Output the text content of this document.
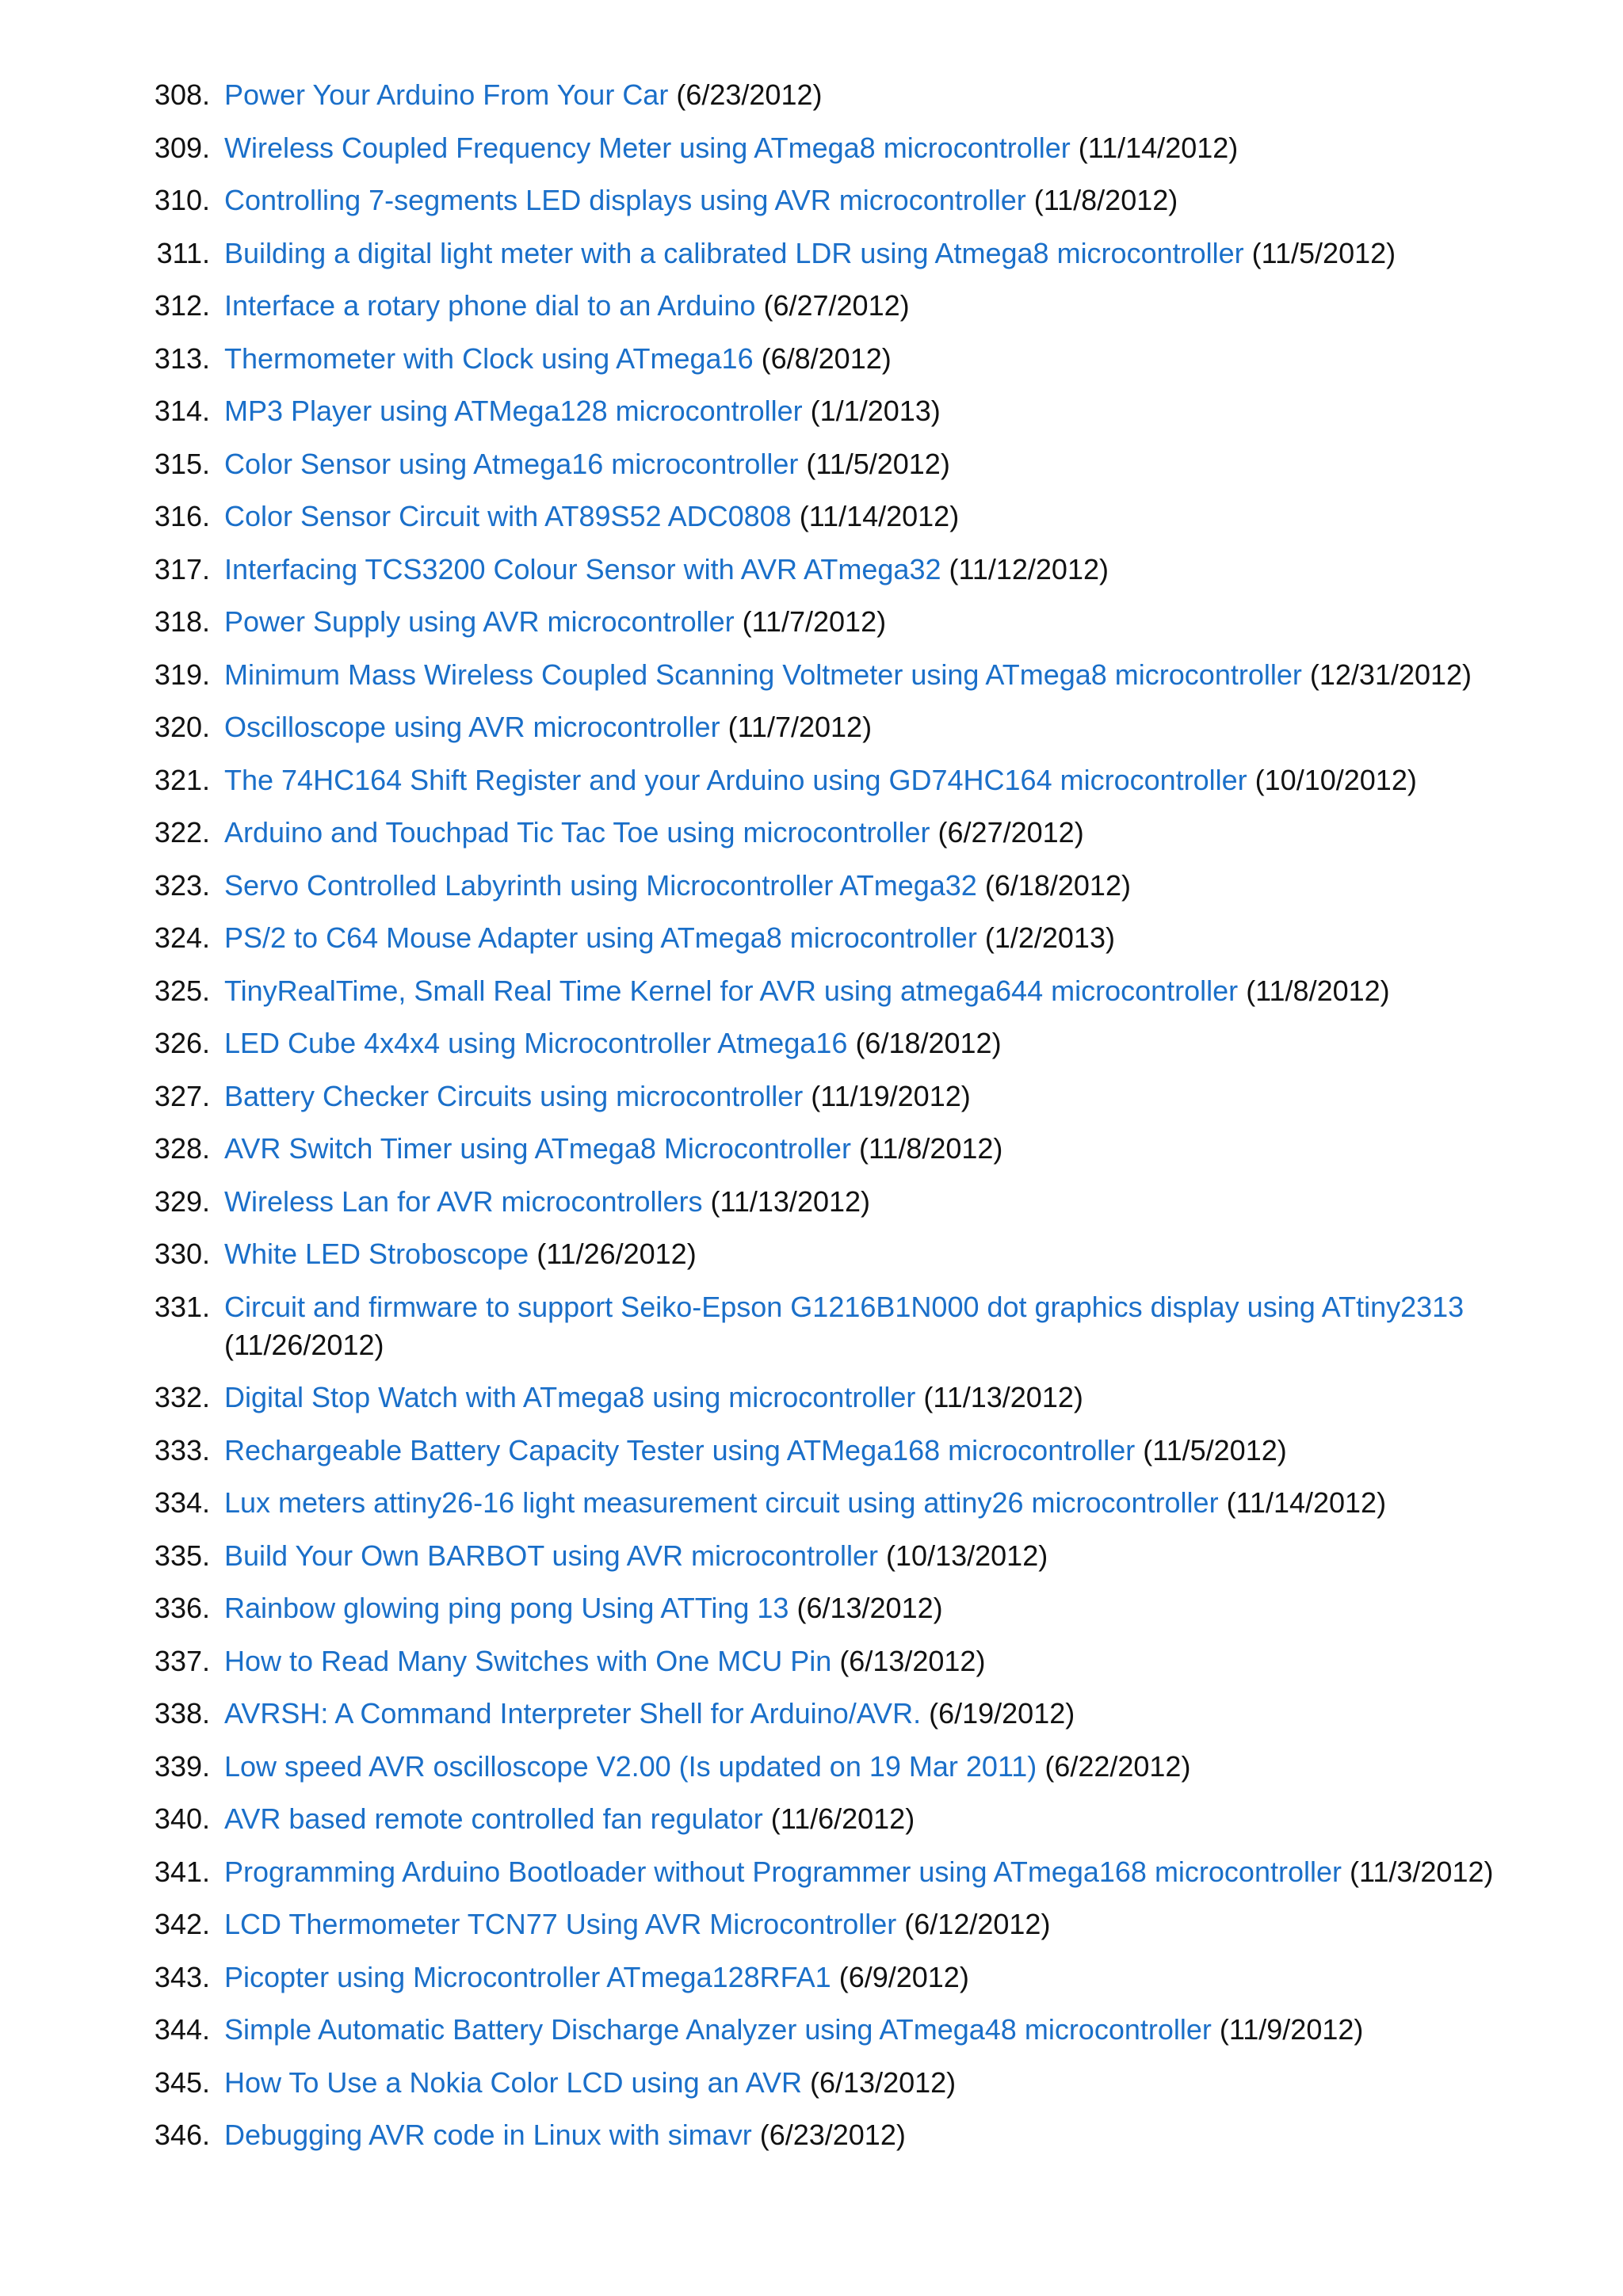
308. Power Your Arduino From Your Car (6/23/2012)
309. Wireless Coupled Frequency Meter using ATmega8 microcontroller (11/14/2012)
310. Controlling 7-segments LED displays using AVR microcontroller (11/8/2012)
311. Building a digital light meter with a calibrated LDR using Atmega8 microcontroller (11/5/2012)
312. Interface a rotary phone dial to an Arduino (6/27/2012)
313. Thermometer with Clock using ATmega16 (6/8/2012)
314. MP3 Player using ATMega128 microcontroller (1/1/2013)
315. Color Sensor using Atmega16 microcontroller (11/5/2012)
316. Color Sensor Circuit with AT89S52 ADC0808 (11/14/2012)
317. Interfacing TCS3200 Colour Sensor with AVR ATmega32 (11/12/2012)
318. Power Supply using AVR microcontroller (11/7/2012)
319. Minimum Mass Wireless Coupled Scanning Voltmeter using ATmega8 microcontroller (12/31/2012)
320. Oscilloscope using AVR microcontroller (11/7/2012)
321. The 74HC164 Shift Register and your Arduino using GD74HC164 microcontroller (10/10/2012)
322. Arduino and Touchpad Tic Tac Toe using microcontroller (6/27/2012)
323. Servo Controlled Labyrinth using Microcontroller ATmega32 (6/18/2012)
324. PS/2 to C64 Mouse Adapter using ATmega8 microcontroller (1/2/2013)
325. TinyRealTime, Small Real Time Kernel for AVR using atmega644 microcontroller (11/8/2012)
326. LED Cube 4x4x4 using Microcontroller Atmega16 (6/18/2012)
327. Battery Checker Circuits using microcontroller (11/19/2012)
328. AVR Switch Timer using ATmega8 Microcontroller (11/8/2012)
329. Wireless Lan for AVR microcontrollers (11/13/2012)
330. White LED Stroboscope (11/26/2012)
331. Circuit and firmware to support Seiko-Epson G1216B1N000 dot graphics display using ATtiny2313 (11/26/2012)
332. Digital Stop Watch with ATmega8 using microcontroller (11/13/2012)
333. Rechargeable Battery Capacity Tester using ATMega168 microcontroller (11/5/2012)
334. Lux meters attiny26-16 light measurement circuit using attiny26 microcontroller (11/14/2012)
335. Build Your Own BARBOT using AVR microcontroller (10/13/2012)
336. Rainbow glowing ping pong Using ATTing 13 (6/13/2012)
337. How to Read Many Switches with One MCU Pin (6/13/2012)
338. AVRSH: A Command Interpreter Shell for Arduino/AVR. (6/19/2012)
339. Low speed AVR oscilloscope V2.00 (Is updated on 19 Mar 2011) (6/22/2012)
340. AVR based remote controlled fan regulator (11/6/2012)
341. Programming Arduino Bootloader without Programmer using ATmega168 microcontroller (11/3/2012)
342. LCD Thermometer TCN77 Using AVR Microcontroller (6/12/2012)
343. Picopter using Microcontroller ATmega128RFA1 (6/9/2012)
344. Simple Automatic Battery Discharge Analyzer using ATmega48 microcontroller (11/9/2012)
345. How To Use a Nokia Color LCD using an AVR (6/13/2012)
346. Debugging AVR code in Linux with simavr (6/23/2012)
